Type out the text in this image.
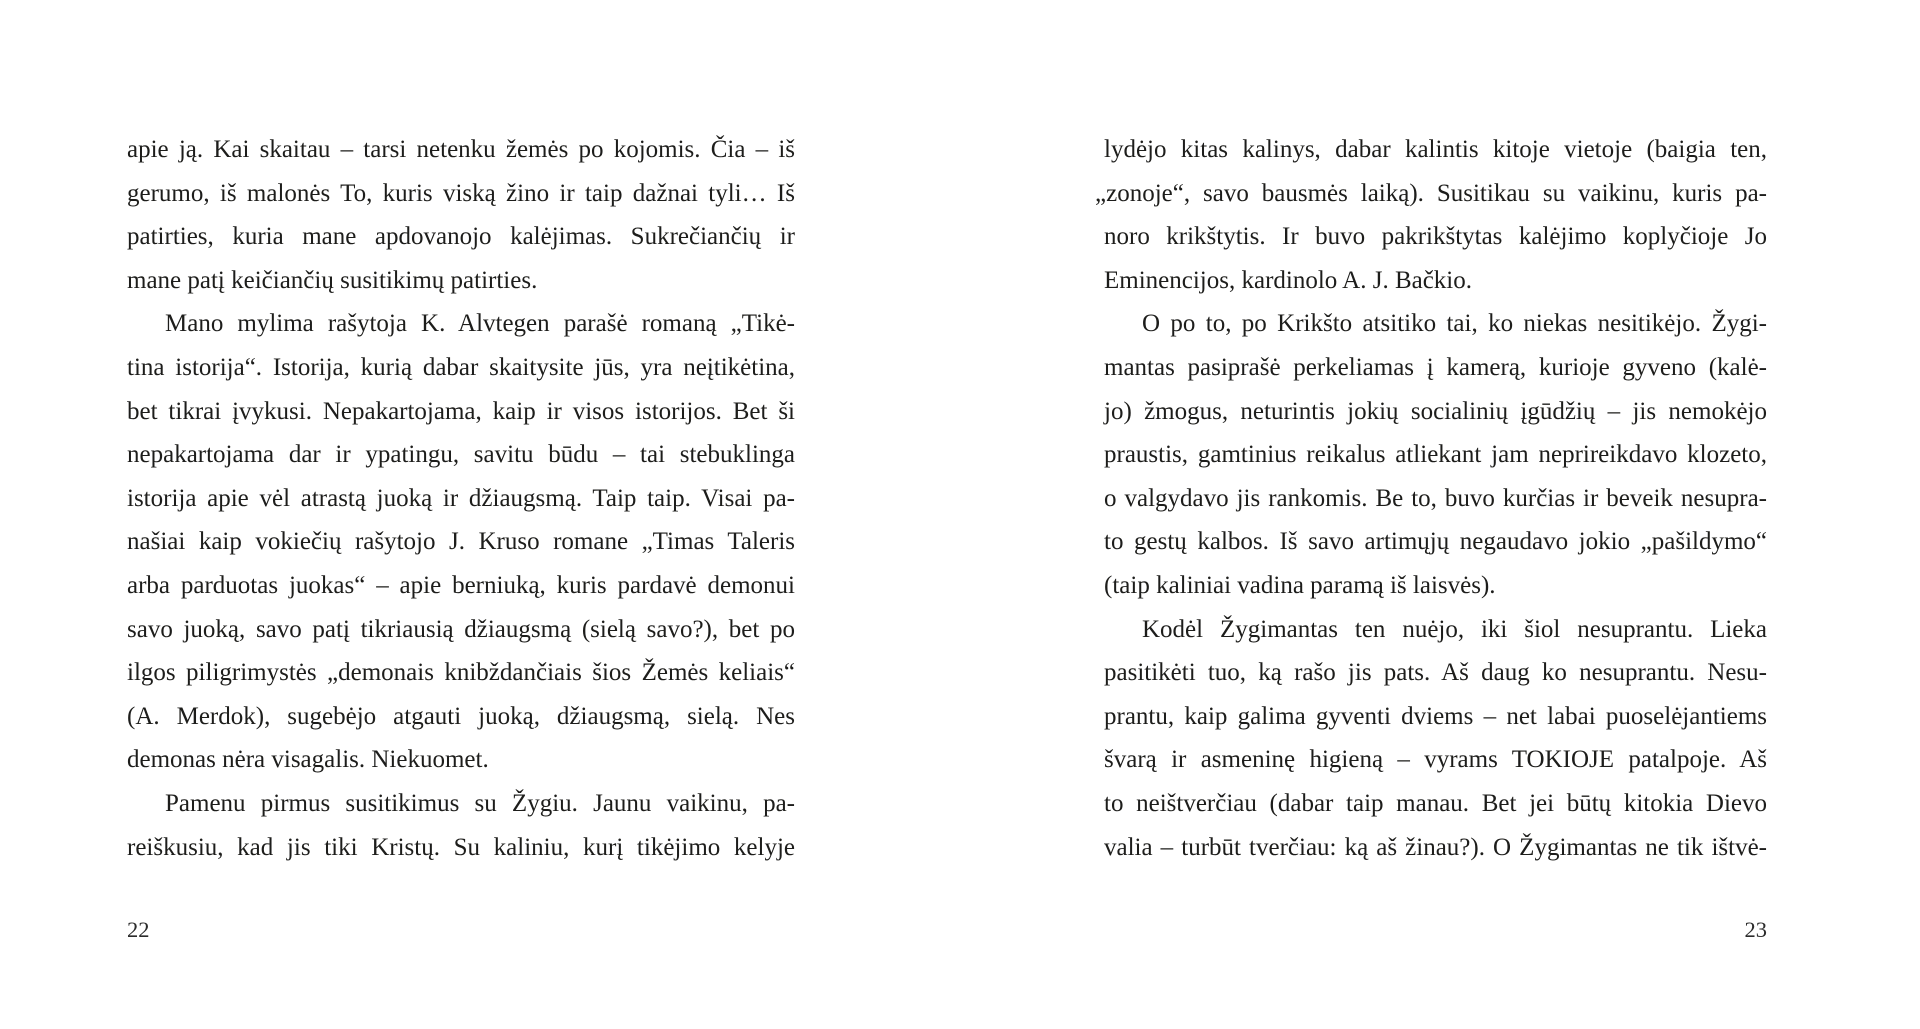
apie ją. Kai skaitau – tarsi netenku žemės po kojomis. Čia – iš
gerumo, iš malonės To, kuris viską žino ir taip dažnai tyli… Iš
patirties, kuria mane apdovanojo kalėjimas. Sukrečiančių ir
mane patį keičiančių susitikimų patirties.
Mano mylima rašytoja K. Alvtegen parašė romaną „Tikė-
tina istorija“. Istorija, kurią dabar skaitysite jūs, yra neįtikėtina,
bet tikrai įvykusi. Nepakartojama, kaip ir visos istorijos. Bet ši
nepakartojama dar ir ypatingu, savitu būdu – tai stebuklinga
istorija apie vėl atrastą juoką ir džiaugsmą. Taip taip. Visai pa-
našiai kaip vokiečių rašytojo J. Kruso romane „Timas Taleris
arba parduotas juokas“ – apie berniuką, kuris pardavė demonui
savo juoką, savo patį tikriausią džiaugsmą (sielą savo?), bet po
ilgos piligrimystės „demonais knibždančiais šios Žemės keliais“
(A. Merdok), sugebėjo atgauti juoką, džiaugsmą, sielą. Nes
demonas nėra visagalis. Niekuomet.
Pamenu pirmus susitikimus su Žygiu. Jaunu vaikinu, pa-
reiškusiu, kad jis tiki Kristų. Su kaliniu, kurį tikėjimo kelyje
lydėjo kitas kalinys, dabar kalintis kitoje vietoje (baigia ten,
„zonoje“, savo bausmės laiką). Susitikau su vaikinu, kuris pa-
noro krikštytis. Ir buvo pakrikštytas kalėjimo koplyčioje Jo
Eminencijos, kardinolo A. J. Bačkio.
O po to, po Krikšto atsitiko tai, ko niekas nesitikėjo. Žygi-
mantas pasiprašė perkeliamas į kamerą, kurioje gyveno (kalė-
jo) žmogus, neturintis jokių socialinių įgūdžių – jis nemokėjo
praustis, gamtinius reikalus atliekant jam neprireikdavo klozeto,
o valgydavo jis rankomis. Be to, buvo kurčias ir beveik nesupra-
to gestų kalbos. Iš savo artimųjų negaudavo jokio „pašildymo“
(taip kaliniai vadina paramą iš laisvės).
Kodėl Žygimantas ten nuėjo, iki šiol nesuprantu. Lieka
pasitikėti tuo, ką rašo jis pats. Aš daug ko nesuprantu. Nesu-
prantu, kaip galima gyventi dviems – net labai puoselėjantiems
švarą ir asmeninę higieną – vyrams TOKIOJE patalpoje. Aš
to neištverčiau (dabar taip manau. Bet jei būtų kitokia Dievo
valia – turbūt tverčiau: ką aš žinau?). O Žygimantas ne tik ištvė-
22	23
